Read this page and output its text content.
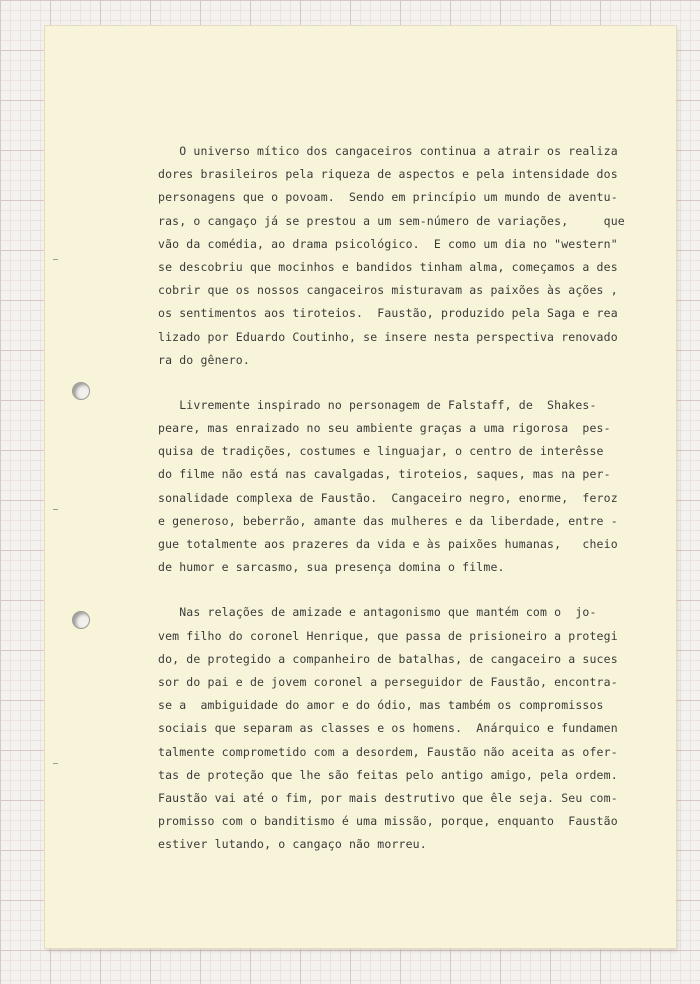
O universo mítico dos cangaceiros continua a atrair os realiza
dores brasileiros pela riqueza de aspectos e pela intensidade dos
personagens que o povoam.  Sendo em princípio um mundo de aventu-
ras, o cangaço já se prestou a um sem-número de variações,     que
vão da comédia, ao drama psicológico.  E como um dia no "western"
se descobriu que mocinhos e bandidos tinham alma, começamos a des
cobrir que os nossos cangaceiros misturavam as paixões às ações ,
os sentimentos aos tiroteios.  Faustão, produzido pela Saga e rea
lizado por Eduardo Coutinho, se insere nesta perspectiva renovado
ra do gênero.
Livremente inspirado no personagem de Falstaff, de  Shakes-
peare, mas enraizado no seu ambiente graças a uma rigorosa  pes-
quisa de tradições, costumes e linguajar, o centro de interêsse
do filme não está nas cavalgadas, tiroteios, saques, mas na per-
sonalidade complexa de Faustão.  Cangaceiro negro, enorme,  feroz
e generoso, beberrão, amante das mulheres e da liberdade, entre -
gue totalmente aos prazeres da vida e às paixões humanas,   cheio
de humor e sarcasmo, sua presença domina o filme.
Nas relações de amizade e antagonismo que mantém com o  jo-
vem filho do coronel Henrique, que passa de prisioneiro a protegi
do, de protegido a companheiro de batalhas, de cangaceiro a suces
sor do pai e de jovem coronel a perseguidor de Faustão, encontra-
se a  ambiguidade do amor e do ódio, mas também os compromissos
sociais que separam as classes e os homens.  Anárquico e fundamen
talmente comprometido com a desordem, Faustão não aceita as ofer-
tas de proteção que lhe são feitas pelo antigo amigo, pela ordem.
Faustão vai até o fim, por mais destrutivo que êle seja. Seu com-
promisso com o banditismo é uma missão, porque, enquanto  Faustão
estiver lutando, o cangaço não morreu.
